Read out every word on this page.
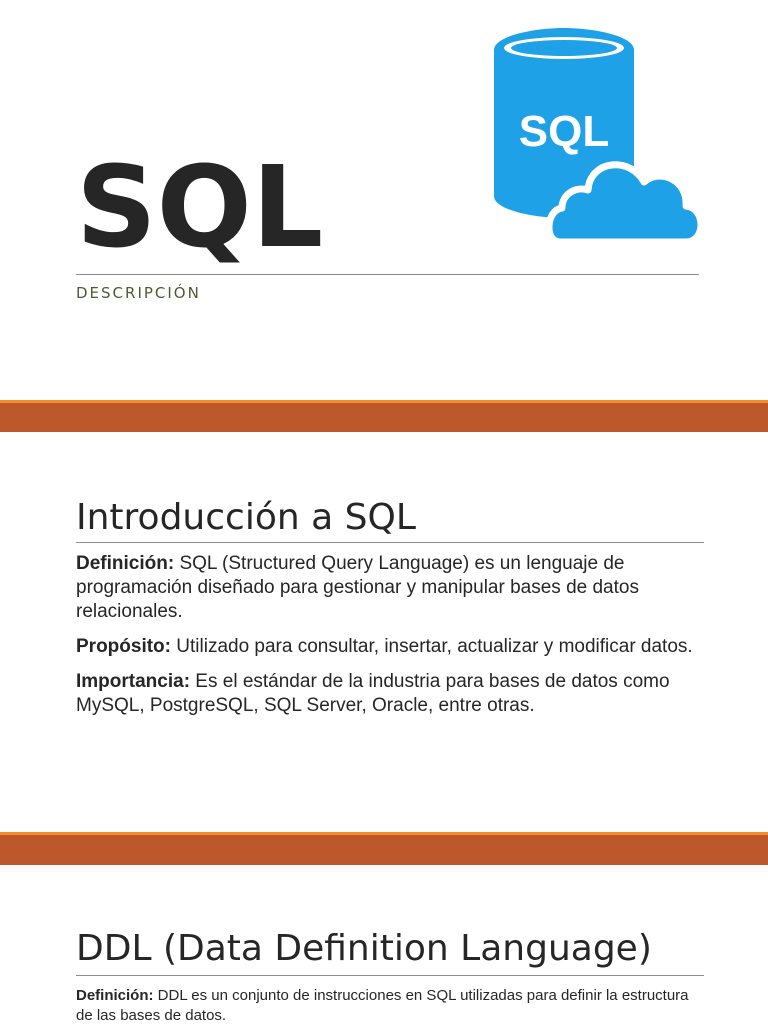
SQL
DESCRIPCIÓN
SQL
Introducción a SQL

Definición: SQL (Structured Query Language) es un lenguaje de programación diseñado para gestionar y manipular bases de datos relacionales.

Propósito: Utilizado para consultar, insertar, actualizar y modificar datos.

Importancia: Es el estándar de la industria para bases de datos como MySQL, PostgreSQL, SQL Server, Oracle, entre otras.

DDL (Data Definition Language)

Definición: DDL es un conjunto de instrucciones en SQL utilizadas para definir la estructura de las bases de datos.
